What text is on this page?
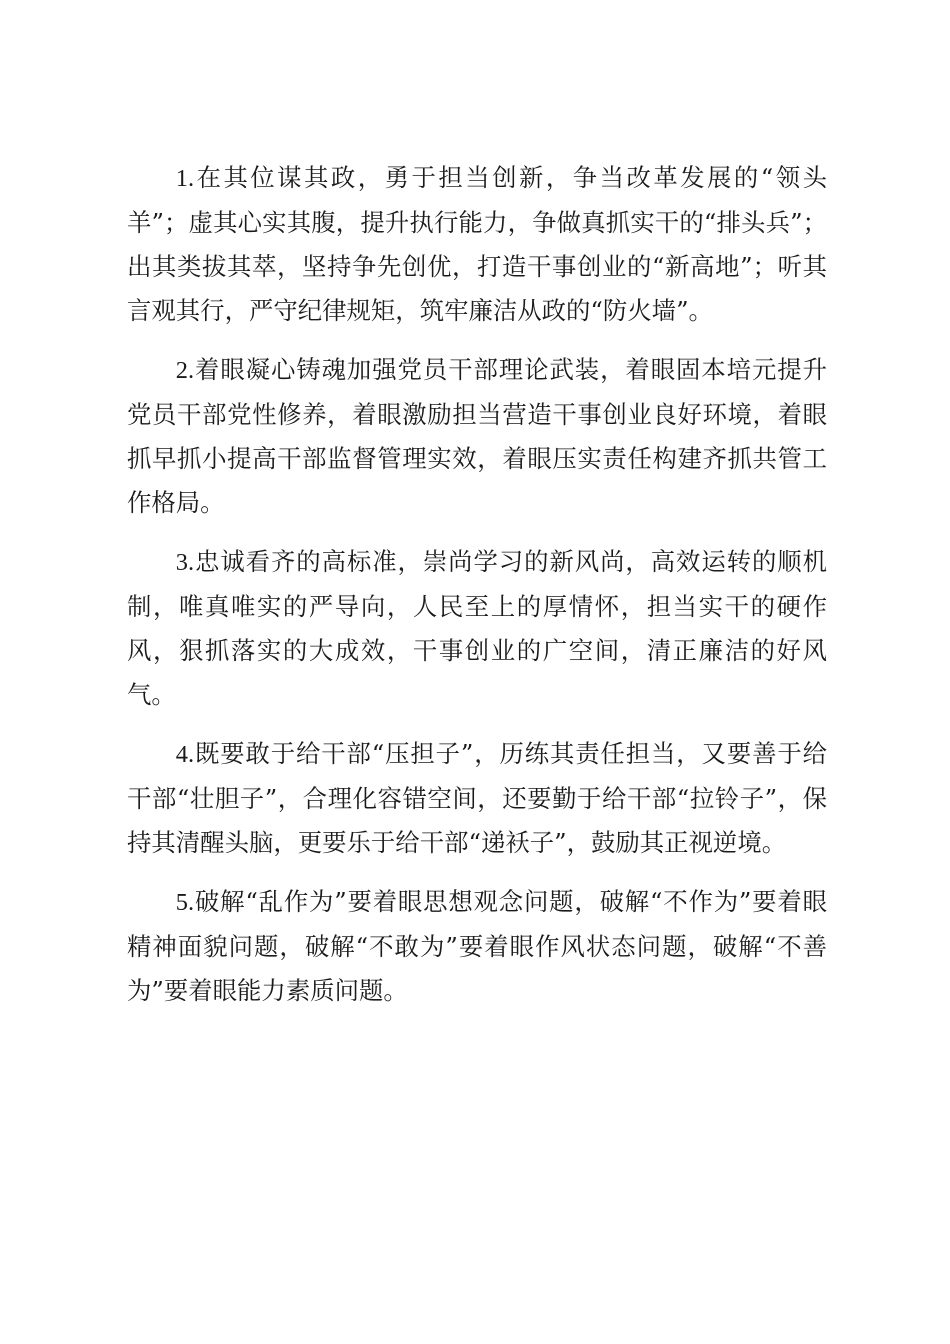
1.在其位谋其政，勇于担当创新，争当改革发展的“领头羊”；虚其心实其腹，提升执行能力，争做真抓实干的“排头兵”；出其类拔其萃，坚持争先创优，打造干事创业的“新高地”；听其言观其行，严守纪律规矩，筑牢廉洁从政的“防火墙”。

2.着眼凝心铸魂加强党员干部理论武装，着眼固本培元提升党员干部党性修养，着眼激励担当营造干事创业良好环境，着眼抓早抓小提高干部监督管理实效，着眼压实责任构建齐抓共管工作格局。

3.忠诚看齐的高标准，崇尚学习的新风尚，高效运转的顺机制，唯真唯实的严导向，人民至上的厚情怀，担当实干的硬作风，狠抓落实的大成效，干事创业的广空间，清正廉洁的好风气。

4.既要敢于给干部“压担子”，历练其责任担当，又要善于给干部“壮胆子”，合理化容错空间，还要勤于给干部“拉铃子”，保持其清醒头脑，更要乐于给干部“递袄子”，鼓励其正视逆境。

5.破解“乱作为”要着眼思想观念问题，破解“不作为”要着眼精神面貌问题，破解“不敢为”要着眼作风状态问题，破解“不善为”要着眼能力素质问题。
